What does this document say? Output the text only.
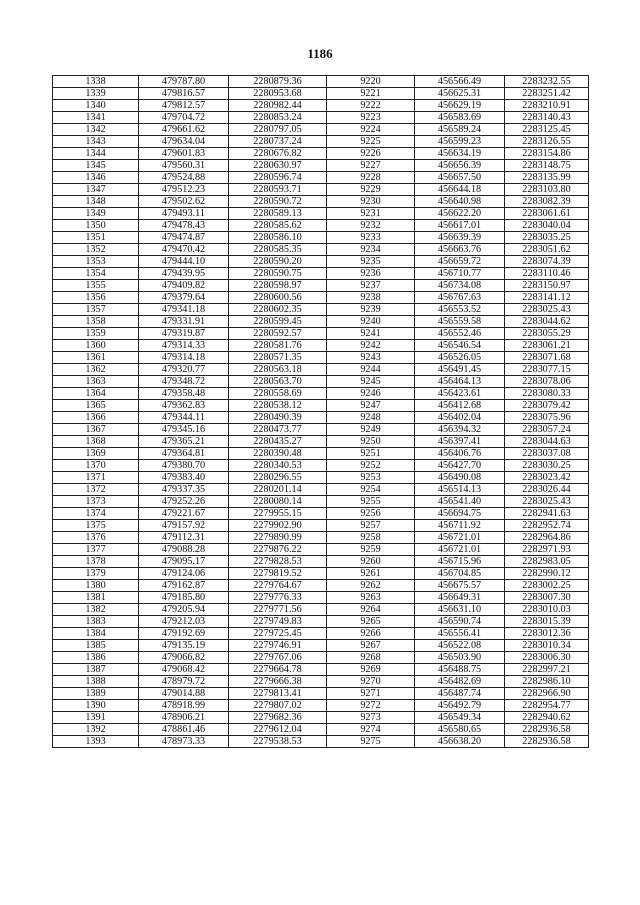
1186
1338	479787.80	2280879.36	9220	456566.49	2283232.55
1339	479816.57	2280953.68	9221	456625.31	2283251.42
1340	479812.57	2280982.44	9222	456629.19	2283210.91
1341	479704.72	2280853.24	9223	456583.69	2283140.43
1342	479661.62	2280797.05	9224	456589.24	2283125.45
1343	479634.04	2280737.24	9225	456599.23	2283126.55
1344	479601.83	2280676.82	9226	456634.19	2283154.86
1345	479560.31	2280630.97	9227	456656.39	2283148.75
1346	479524.88	2280596.74	9228	456657.50	2283135.99
1347	479512.23	2280593.71	9229	456644.18	2283103.80
1348	479502.62	2280590.72	9230	456640.98	2283082.39
1349	479493.11	2280589.13	9231	456622.20	2283061.61
1350	479478.43	2280585.62	9232	456617.01	2283040.04
1351	479474.87	2280586.10	9233	456639.39	2283035.25
1352	479470.42	2280585.35	9234	456663.76	2283051.62
1353	479444.10	2280590.20	9235	456659.72	2283074.39
1354	479439.95	2280590.75	9236	456710.77	2283110.46
1355	479409.82	2280598.97	9237	456734.08	2283150.97
1356	479379.64	2280600.56	9238	456767.63	2283141.12
1357	479341.18	2280602.35	9239	456553.52	2283025.43
1358	479331.91	2280599.45	9240	456559.58	2283044.62
1359	479319.87	2280592.57	9241	456552.46	2283055.29
1360	479314.33	2280581.76	9242	456546.54	2283061.21
1361	479314.18	2280571.35	9243	456526.05	2283071.68
1362	479320.77	2280563.18	9244	456491.45	2283077.15
1363	479348.72	2280563.70	9245	456464.13	2283078.06
1364	479358.48	2280558.69	9246	456423.61	2283080.33
1365	479362.83	2280538.12	9247	456412.68	2283079.42
1366	479344.11	2280490.39	9248	456402.04	2283075.96
1367	479345.16	2280473.77	9249	456394.32	2283057.24
1368	479365.21	2280435.27	9250	456397.41	2283044.63
1369	479364.81	2280390.48	9251	456406.76	2283037.08
1370	479380.70	2280340.53	9252	456427.70	2283030.25
1371	479383.40	2280296.55	9253	456490.08	2283023.42
1372	479337.35	2280201.14	9254	456514.13	2283026.44
1373	479252.26	2280080.14	9255	456541.40	2283025.43
1374	479221.67	2279955.15	9256	456694.75	2282941.63
1375	479157.92	2279902.90	9257	456711.92	2282952.74
1376	479112.31	2279890.99	9258	456721.01	2282964.86
1377	479088.28	2279876.22	9259	456721.01	2282971.93
1378	479095.17	2279828.53	9260	456715.96	2282983.05
1379	479124.06	2279819.52	9261	456704.85	2282990.12
1380	479162.87	2279764.67	9262	456675.57	2283002.25
1381	479185.80	2279776.33	9263	456649.31	2283007.30
1382	479205.94	2279771.56	9264	456631.10	2283010.03
1383	479212.03	2279749.83	9265	456590.74	2283015.39
1384	479192.69	2279725.45	9266	456556.41	2283012.36
1385	479135.19	2279746.91	9267	456522.08	2283010.34
1386	479066.82	2279767.06	9268	456503.90	2283006.30
1387	479068.42	2279664.78	9269	456488.75	2282997.21
1388	478979.72	2279666.38	9270	456482.69	2282986.10
1389	479014.88	2279813.41	9271	456487.74	2282966.90
1390	478918.99	2279807.02	9272	456492.79	2282954.77
1391	478906.21	2279682.36	9273	456549.34	2282940.62
1392	478861.46	2279612.04	9274	456580.65	2282936.58
1393	478973.33	2279538.53	9275	456638.20	2282936.58
